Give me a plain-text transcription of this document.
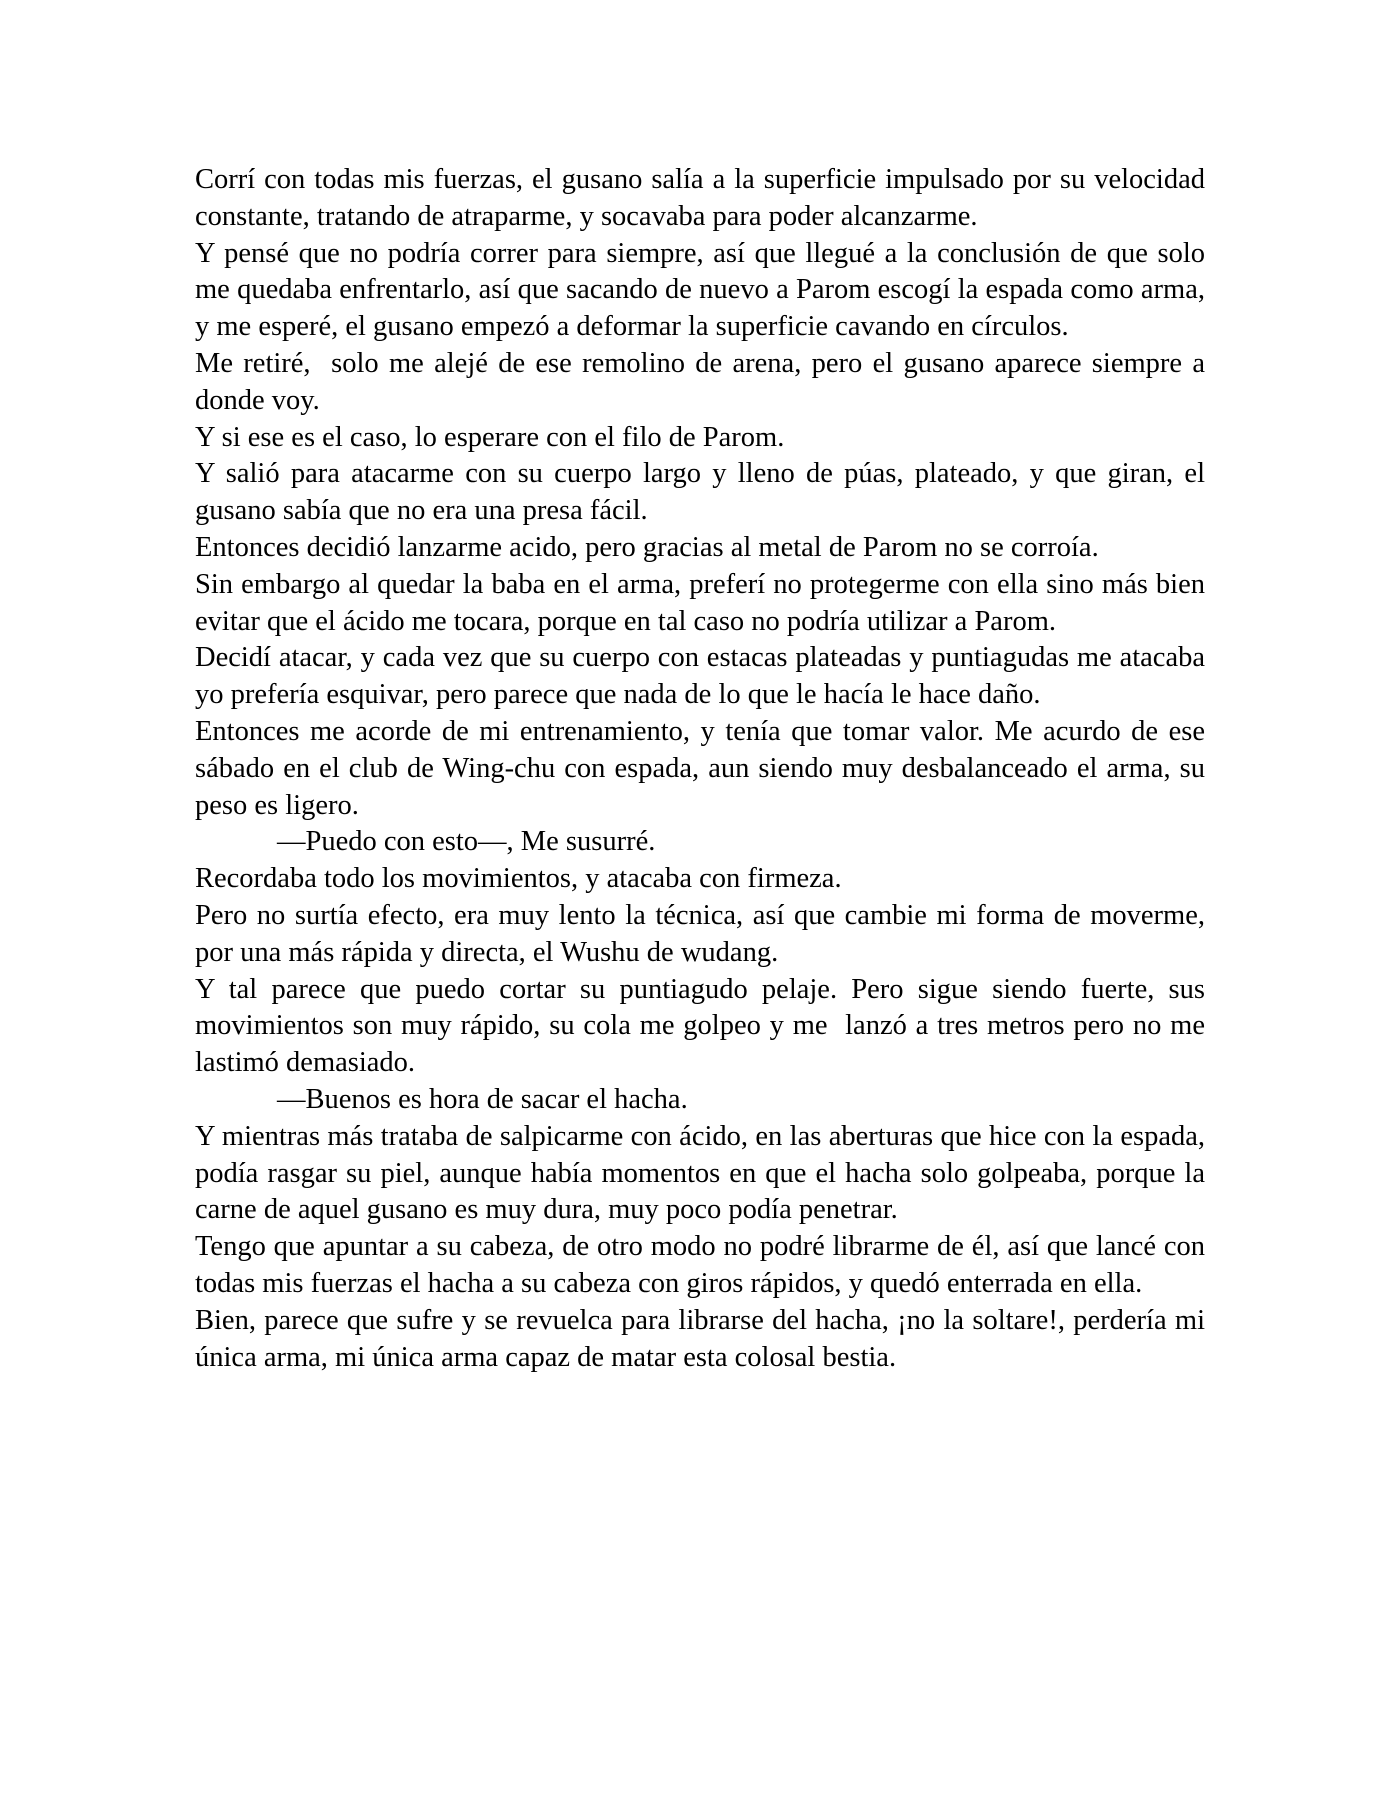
Corrí con todas mis fuerzas, el gusano salía a la superficie impulsado por su velocidad constante, tratando de atraparme, y socavaba para poder alcanzarme.

Y pensé que no podría correr para siempre, así que llegué a la conclusión de que solo me quedaba enfrentarlo, así que sacando de nuevo a Parom escogí la espada como arma, y me esperé, el gusano empezó a deformar la superficie cavando en círculos.

Me retiré,  solo me alejé de ese remolino de arena, pero el gusano aparece siempre a donde voy.

Y si ese es el caso, lo esperare con el filo de Parom.

Y salió para atacarme con su cuerpo largo y lleno de púas, plateado, y que giran, el gusano sabía que no era una presa fácil.

Entonces decidió lanzarme acido, pero gracias al metal de Parom no se corroía.

Sin embargo al quedar la baba en el arma, preferí no protegerme con ella sino más bien evitar que el ácido me tocara, porque en tal caso no podría utilizar a Parom.

Decidí atacar, y cada vez que su cuerpo con estacas plateadas y puntiagudas me atacaba yo prefería esquivar, pero parece que nada de lo que le hacía le hace daño.

Entonces me acorde de mi entrenamiento, y tenía que tomar valor. Me acurdo de ese sábado en el club de Wing-chu con espada, aun siendo muy desbalanceado el arma, su peso es ligero.

—Puedo con esto—, Me susurré.

Recordaba todo los movimientos, y atacaba con firmeza.

Pero no surtía efecto, era muy lento la técnica, así que cambie mi forma de moverme, por una más rápida y directa, el Wushu de wudang.

Y tal parece que puedo cortar su puntiagudo pelaje. Pero sigue siendo fuerte, sus movimientos son muy rápido, su cola me golpeo y me  lanzó a tres metros pero no me lastimó demasiado.

—Buenos es hora de sacar el hacha.

Y mientras más trataba de salpicarme con ácido, en las aberturas que hice con la espada, podía rasgar su piel, aunque había momentos en que el hacha solo golpeaba, porque la carne de aquel gusano es muy dura, muy poco podía penetrar.

Tengo que apuntar a su cabeza, de otro modo no podré librarme de él, así que lancé con todas mis fuerzas el hacha a su cabeza con giros rápidos, y quedó enterrada en ella.

Bien, parece que sufre y se revuelca para librarse del hacha, ¡no la soltare!, perdería mi única arma, mi única arma capaz de matar esta colosal bestia.
